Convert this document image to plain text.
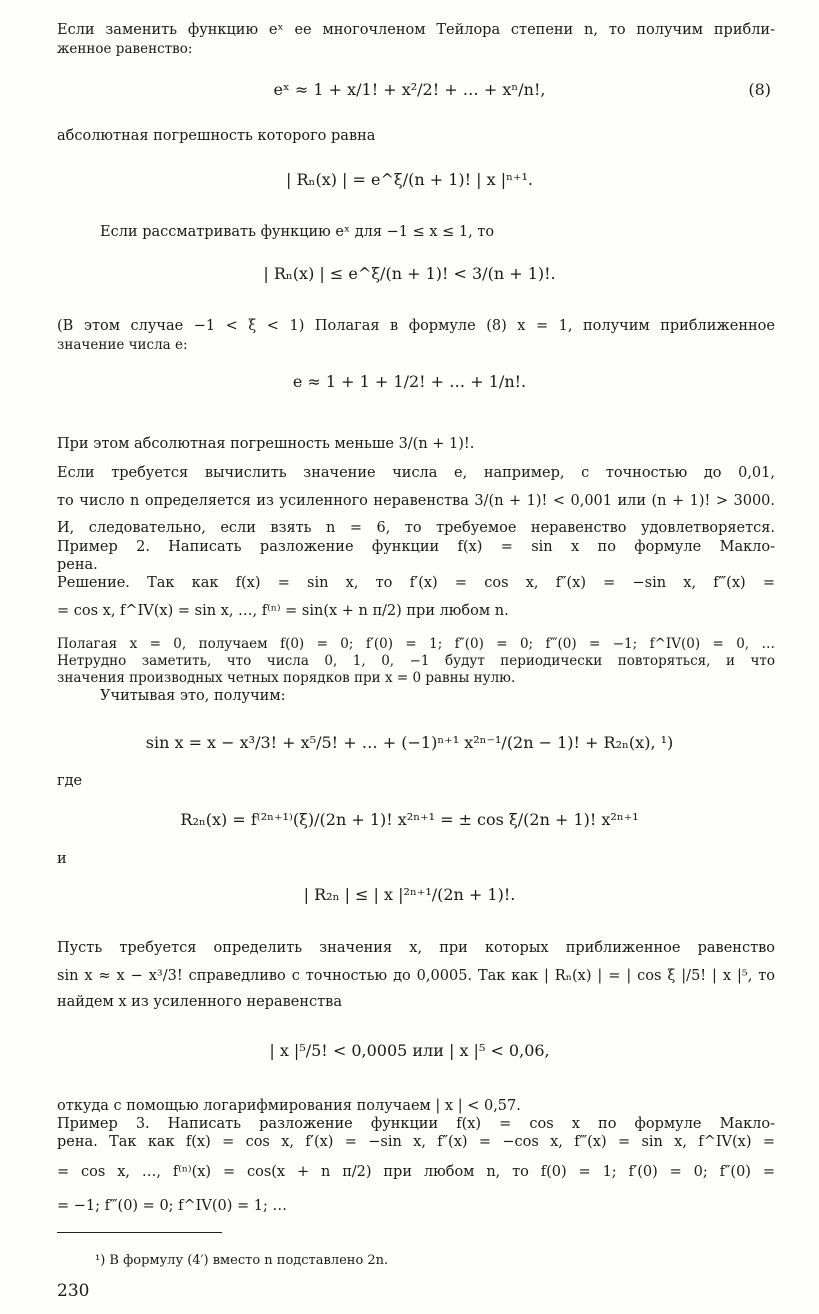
Если заменить функцию eˣ ее многочленом Тейлора степени n, то получим прибли-
женное равенство:
eˣ ≈ 1 + x/1! + x²/2! + … + xⁿ/n!,	(8)
абсолютная погрешность которого равна
| Rₙ(x) | = e^ξ/(n + 1)! | x |ⁿ⁺¹.
Если рассматривать функцию eˣ для −1 ≤ x ≤ 1, то
| Rₙ(x) | ≤ e^ξ/(n + 1)! < 3/(n + 1)!.
(В этом случае −1 < ξ < 1) Полагая в формуле (8) x = 1, получим приближенное
значение числа e:
e ≈ 1 + 1 + 1/2! + … + 1/n!.
При этом абсолютная погрешность меньше 3/(n + 1)!.
Если требуется вычислить значение числа e, например, с точностью до 0,01,
то число n определяется из усиленного неравенства 3/(n + 1)! < 0,001 или (n + 1)! > 3000.
И, следовательно, если взять n = 6, то требуемое неравенство удовлетворяется.
Пример 2. Написать разложение функции f(x) = sin x по формуле Макло-
рена.
Решение. Так как f(x) = sin x, то f′(x) = cos x, f″(x) = −sin x, f‴(x) =
= cos x, f^IV(x) = sin x, …, f⁽ⁿ⁾ = sin(x + n π/2) при любом n.
Полагая x = 0, получаем f(0) = 0; f′(0) = 1; f″(0) = 0; f‴(0) = −1; f^IV(0) = 0, …
Нетрудно заметить, что числа 0, 1, 0, −1 будут периодически повторяться, и что
значения производных четных порядков при x = 0 равны нулю.
Учитывая это, получим:
sin x = x − x³/3! + x⁵/5! + … + (−1)ⁿ⁺¹ x²ⁿ⁻¹/(2n − 1)! + R₂ₙ(x), ¹)
где
R₂ₙ(x) = f⁽²ⁿ⁺¹⁾(ξ)/(2n + 1)! x²ⁿ⁺¹ = ± cos ξ/(2n + 1)! x²ⁿ⁺¹
и
| R₂ₙ | ≤ | x |²ⁿ⁺¹/(2n + 1)!.
Пусть требуется определить значения x, при которых приближенное равенство
sin x ≈ x − x³/3! справедливо с точностью до 0,0005. Так как | Rₙ(x) | = | cos ξ |/5! | x |⁵, то
найдем x из усиленного неравенства
| x |⁵/5! < 0,0005 или | x |⁵ < 0,06,
откуда с помощью логарифмирования получаем | x | < 0,57.
Пример 3. Написать разложение функции f(x) = cos x по формуле Макло-
рена. Так как f(x) = cos x, f′(x) = −sin x, f″(x) = −cos x, f‴(x) = sin x, f^IV(x) =
= cos x, …, f⁽ⁿ⁾(x) = cos(x + n π/2) при любом n, то f(0) = 1; f′(0) = 0; f″(0) =
= −1; f‴(0) = 0; f^IV(0) = 1; …
¹) В формулу (4′) вместо n подставлено 2n.
230
